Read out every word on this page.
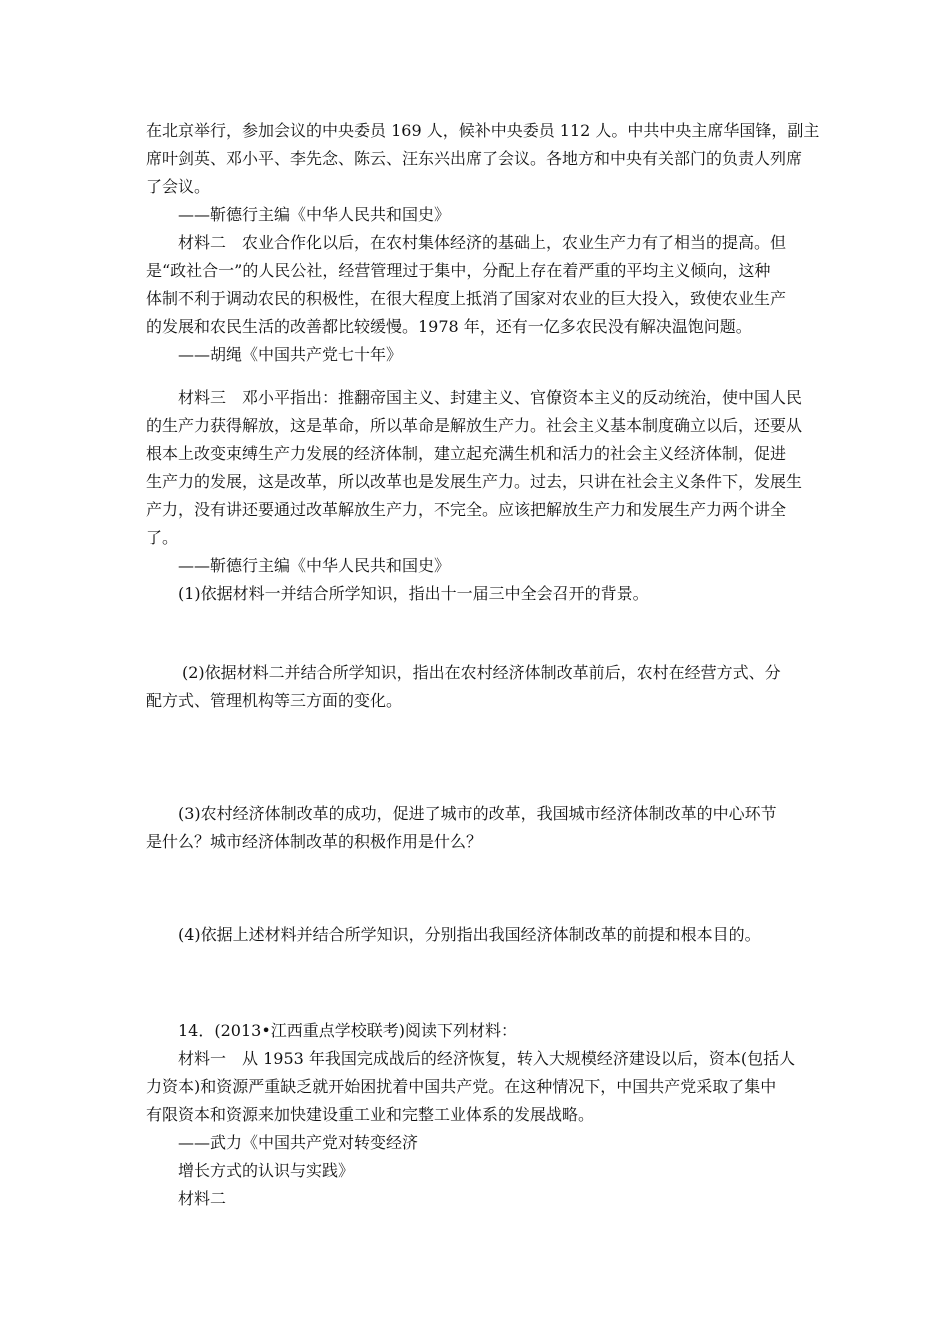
在北京举行，参加会议的中央委员 169 人，候补中央委员 112 人。中共中央主席华国锋，副主
席叶剑英、邓小平、李先念、陈云、汪东兴出席了会议。各地方和中央有关部门的负责人列席
了会议。
——靳德行主编《中华人民共和国史》
材料二　农业合作化以后，在农村集体经济的基础上，农业生产力有了相当的提高。但
是“政社合一”的人民公社，经营管理过于集中，分配上存在着严重的平均主义倾向，这种
体制不利于调动农民的积极性，在很大程度上抵消了国家对农业的巨大投入，致使农业生产
的发展和农民生活的改善都比较缓慢。1978 年，还有一亿多农民没有解决温饱问题。
——胡绳《中国共产党七十年》
材料三　邓小平指出：推翻帝国主义、封建主义、官僚资本主义的反动统治，使中国人民
的生产力获得解放，这是革命，所以革命是解放生产力。社会主义基本制度确立以后，还要从
根本上改变束缚生产力发展的经济体制，建立起充满生机和活力的社会主义经济体制，促进
生产力的发展，这是改革，所以改革也是发展生产力。过去，只讲在社会主义条件下，发展生
产力，没有讲还要通过改革解放生产力，不完全。应该把解放生产力和发展生产力两个讲全
了。
——靳德行主编《中华人民共和国史》
(1)依据材料一并结合所学知识，指出十一届三中全会召开的背景。
(2)依据材料二并结合所学知识，指出在农村经济体制改革前后，农村在经营方式、分
配方式、管理机构等三方面的变化。
(3)农村经济体制改革的成功，促进了城市的改革，我国城市经济体制改革的中心环节
是什么？城市经济体制改革的积极作用是什么？
(4)依据上述材料并结合所学知识，分别指出我国经济体制改革的前提和根本目的。
14．(2013•江西重点学校联考)阅读下列材料：
材料一　从 1953 年我国完成战后的经济恢复，转入大规模经济建设以后，资本(包括人
力资本)和资源严重缺乏就开始困扰着中国共产党。在这种情况下，中国共产党采取了集中
有限资本和资源来加快建设重工业和完整工业体系的发展战略。
——武力《中国共产党对转变经济
增长方式的认识与实践》
材料二
